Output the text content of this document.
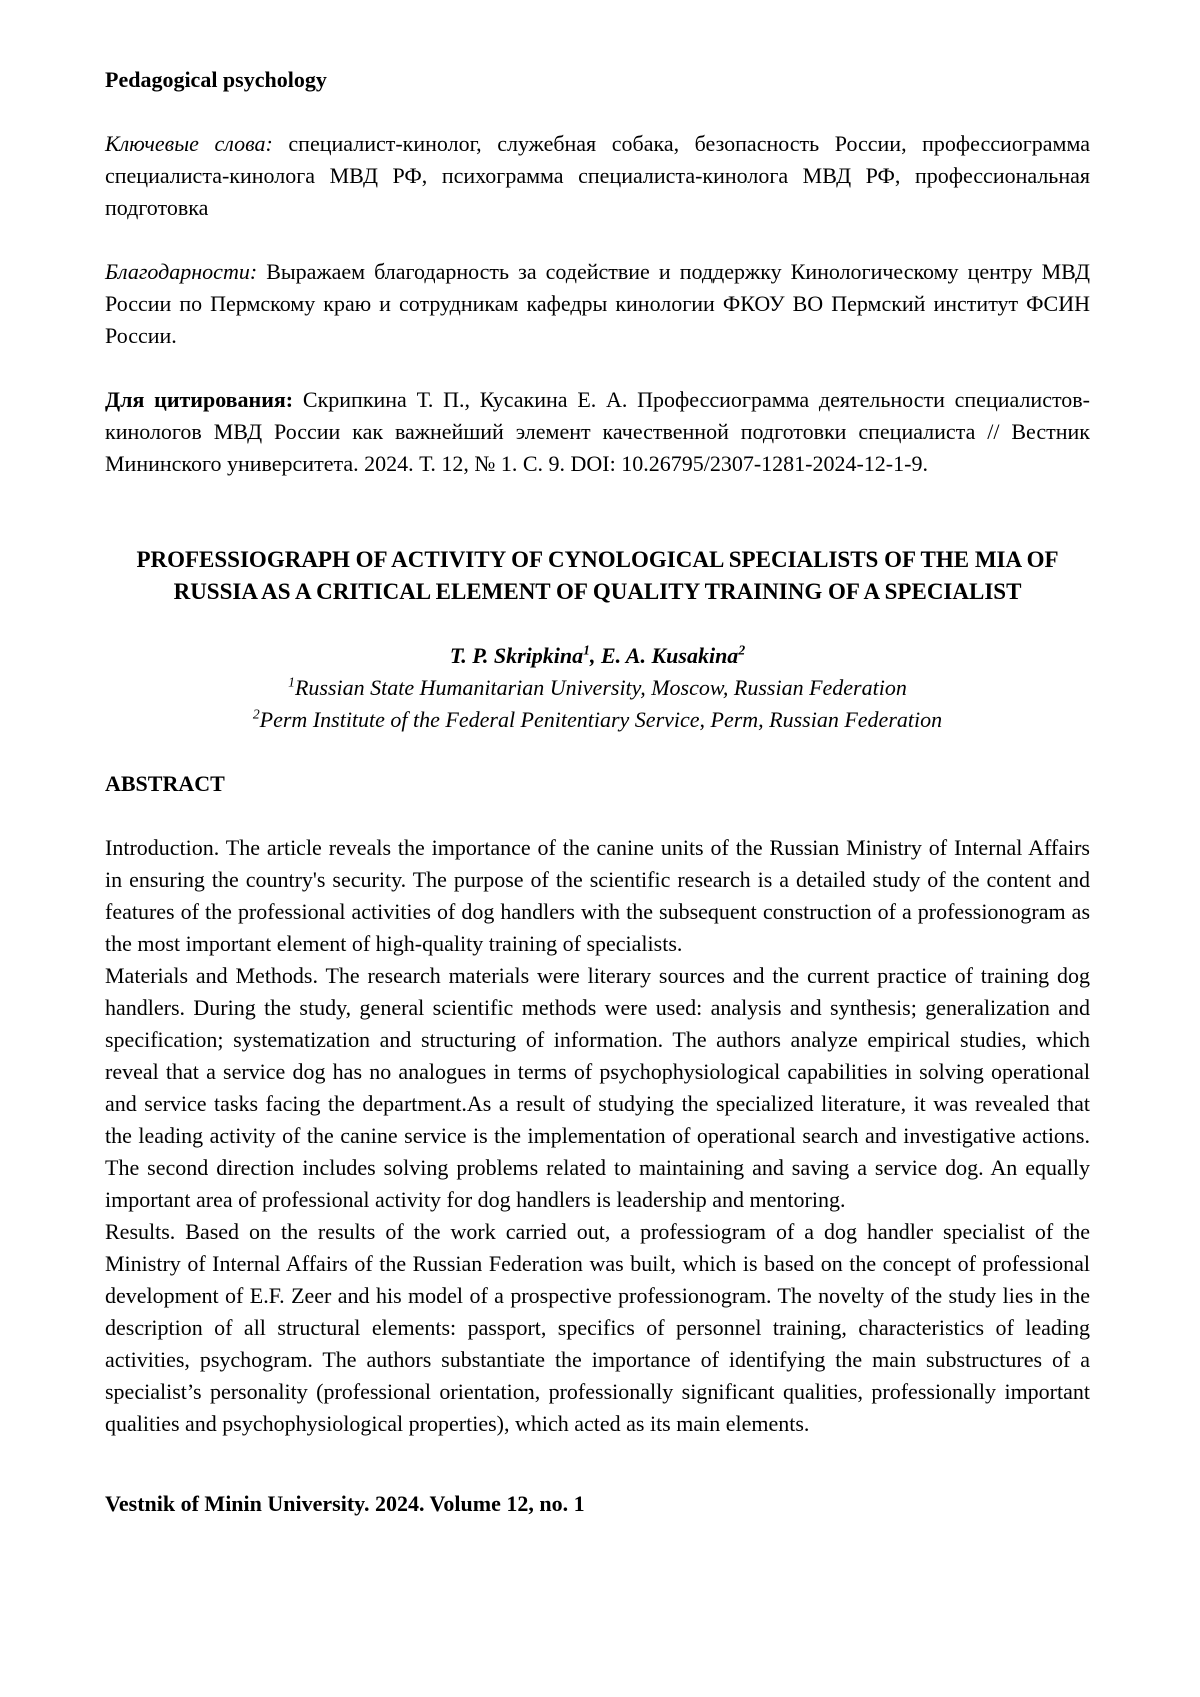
Pedagogical psychology

Ключевые слова: специалист-кинолог, служебная собака, безопасность России, профессиограмма специалиста-кинолога МВД РФ, психограмма специалиста-кинолога МВД РФ, профессиональная подготовка

Благодарности: Выражаем благодарность за содействие и поддержку Кинологическому центру МВД России по Пермскому краю и сотрудникам кафедры кинологии ФКОУ ВО Пермский институт ФСИН России.

Для цитирования: Скрипкина Т. П., Кусакина Е. А. Профессиограмма деятельности специалистов-кинологов МВД России как важнейший элемент качественной подготовки специалиста // Вестник Мининского университета. 2024. Т. 12, № 1. С. 9. DOI: 10.26795/2307-1281-2024-12-1-9.

PROFESSIOGRAPH OF ACTIVITY OF CYNOLOGICAL SPECIALISTS OF THE MIA OF RUSSIA AS A CRITICAL ELEMENT OF QUALITY TRAINING OF A SPECIALIST
T. P. Skripkina$^1$, E. A. Kusakina$^2$
$^1$Russian State Humanitarian University, Moscow, Russian Federation
$^2$Perm Institute of the Federal Penitentiary Service, Perm, Russian Federation
ABSTRACT

Introduction. The article reveals the importance of the canine units of the Russian Ministry of Internal Affairs in ensuring the country's security. The purpose of the scientific research is a detailed study of the content and features of the professional activities of dog handlers with the subsequent construction of a professionogram as the most important element of high-quality training of specialists.

Materials and Methods. The research materials were literary sources and the current practice of training dog handlers. During the study, general scientific methods were used: analysis and synthesis; generalization and specification; systematization and structuring of information. The authors analyze empirical studies, which reveal that a service dog has no analogues in terms of psychophysiological capabilities in solving operational and service tasks facing the department.As a result of studying the specialized literature, it was revealed that the leading activity of the canine service is the implementation of operational search and investigative actions. The second direction includes solving problems related to maintaining and saving a service dog. An equally important area of professional activity for dog handlers is leadership and mentoring.

Results. Based on the results of the work carried out, a professiogram of a dog handler specialist of the Ministry of Internal Affairs of the Russian Federation was built, which is based on the concept of professional development of E.F. Zeer and his model of a prospective professionogram. The novelty of the study lies in the description of all structural elements: passport, specifics of personnel training, characteristics of leading activities, psychogram. The authors substantiate the importance of identifying the main substructures of a specialist’s personality (professional orientation, professionally significant qualities, professionally important qualities and psychophysiological properties), which acted as its main elements.

Vestnik of Minin University. 2024. Volume 12, no. 1
